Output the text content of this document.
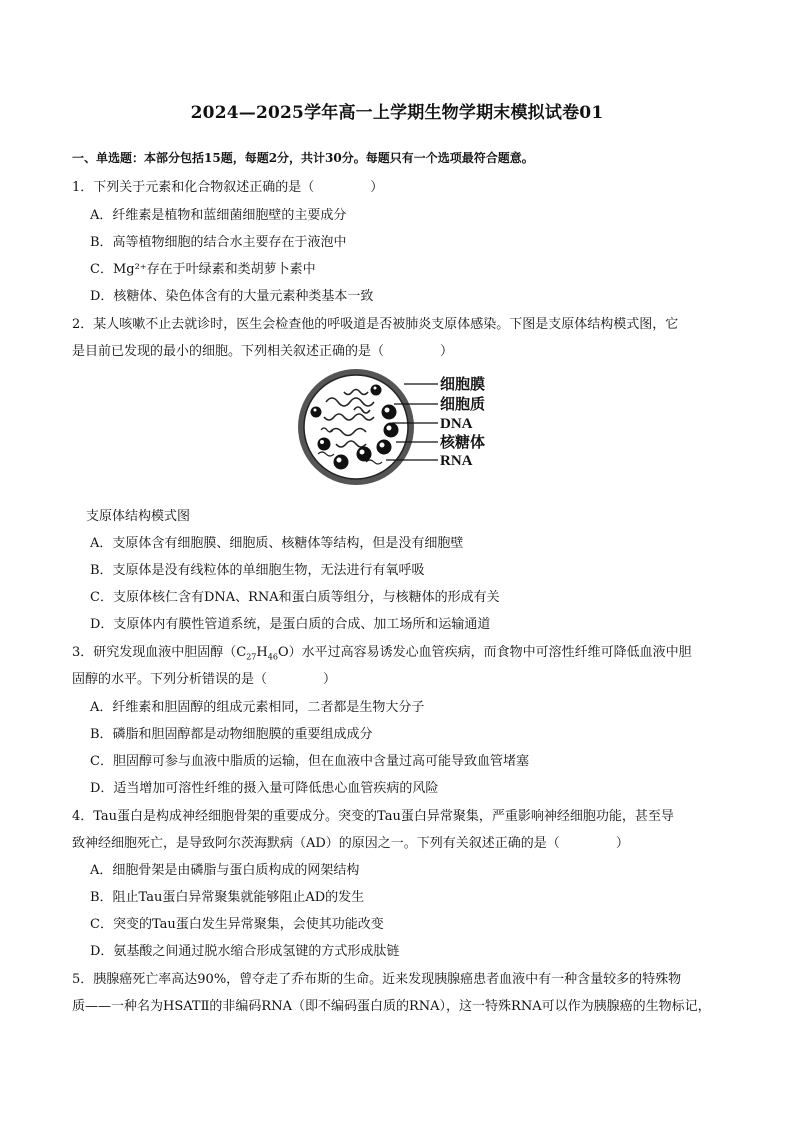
2024—2025学年高一上学期生物学期末模拟试卷01
一、单选题：本部分包括15题，每题2分，共计30分。每题只有一个选项最符合题意。
1．下列关于元素和化合物叙述正确的是（	）
A．纤维素是植物和蓝细菌细胞壁的主要成分
B．高等植物细胞的结合水主要存在于液泡中
C．Mg²⁺存在于叶绿素和类胡萝卜素中
D．核糖体、染色体含有的大量元素种类基本一致
2．某人咳嗽不止去就诊时，医生会检查他的呼吸道是否被肺炎支原体感染。下图是支原体结构模式图，它
是目前已发现的最小的细胞。下列相关叙述正确的是（	）
细胞膜
细胞质
DNA
核糖体
RNA
支原体结构模式图
A．支原体含有细胞膜、细胞质、核糖体等结构，但是没有细胞壁
B．支原体是没有线粒体的单细胞生物，无法进行有氧呼吸
C．支原体核仁含有DNA、RNA和蛋白质等组分，与核糖体的形成有关
D．支原体内有膜性管道系统，是蛋白质的合成、加工场所和运输通道
3．研究发现血液中胆固醇$(C_{27}H_{46}O)$水平过高容易诱发心血管疾病，而食物中可溶性纤维可降低血液中胆
固醇的水平。下列分析错误的是（	）
A．纤维素和胆固醇的组成元素相同，二者都是生物大分子
B．磷脂和胆固醇都是动物细胞膜的重要组成成分
C．胆固醇可参与血液中脂质的运输，但在血液中含量过高可能导致血管堵塞
D．适当增加可溶性纤维的摄入量可降低患心血管疾病的风险
4．Tau蛋白是构成神经细胞骨架的重要成分。突变的Tau蛋白异常聚集，严重影响神经细胞功能，甚至导
致神经细胞死亡，是导致阿尔茨海默病（AD）的原因之一。下列有关叙述正确的是（	）
A．细胞骨架是由磷脂与蛋白质构成的网架结构
B．阻止Tau蛋白异常聚集就能够阻止AD的发生
C．突变的Tau蛋白发生异常聚集，会使其功能改变
D．氨基酸之间通过脱水缩合形成氢键的方式形成肽链
5．胰腺癌死亡率高达90%，曾夺走了乔布斯的生命。近来发现胰腺癌患者血液中有一种含量较多的特殊物
质——一种名为HSATⅡ的非编码RNA（即不编码蛋白质的RNA），这一特殊RNA可以作为胰腺癌的生物标记，
